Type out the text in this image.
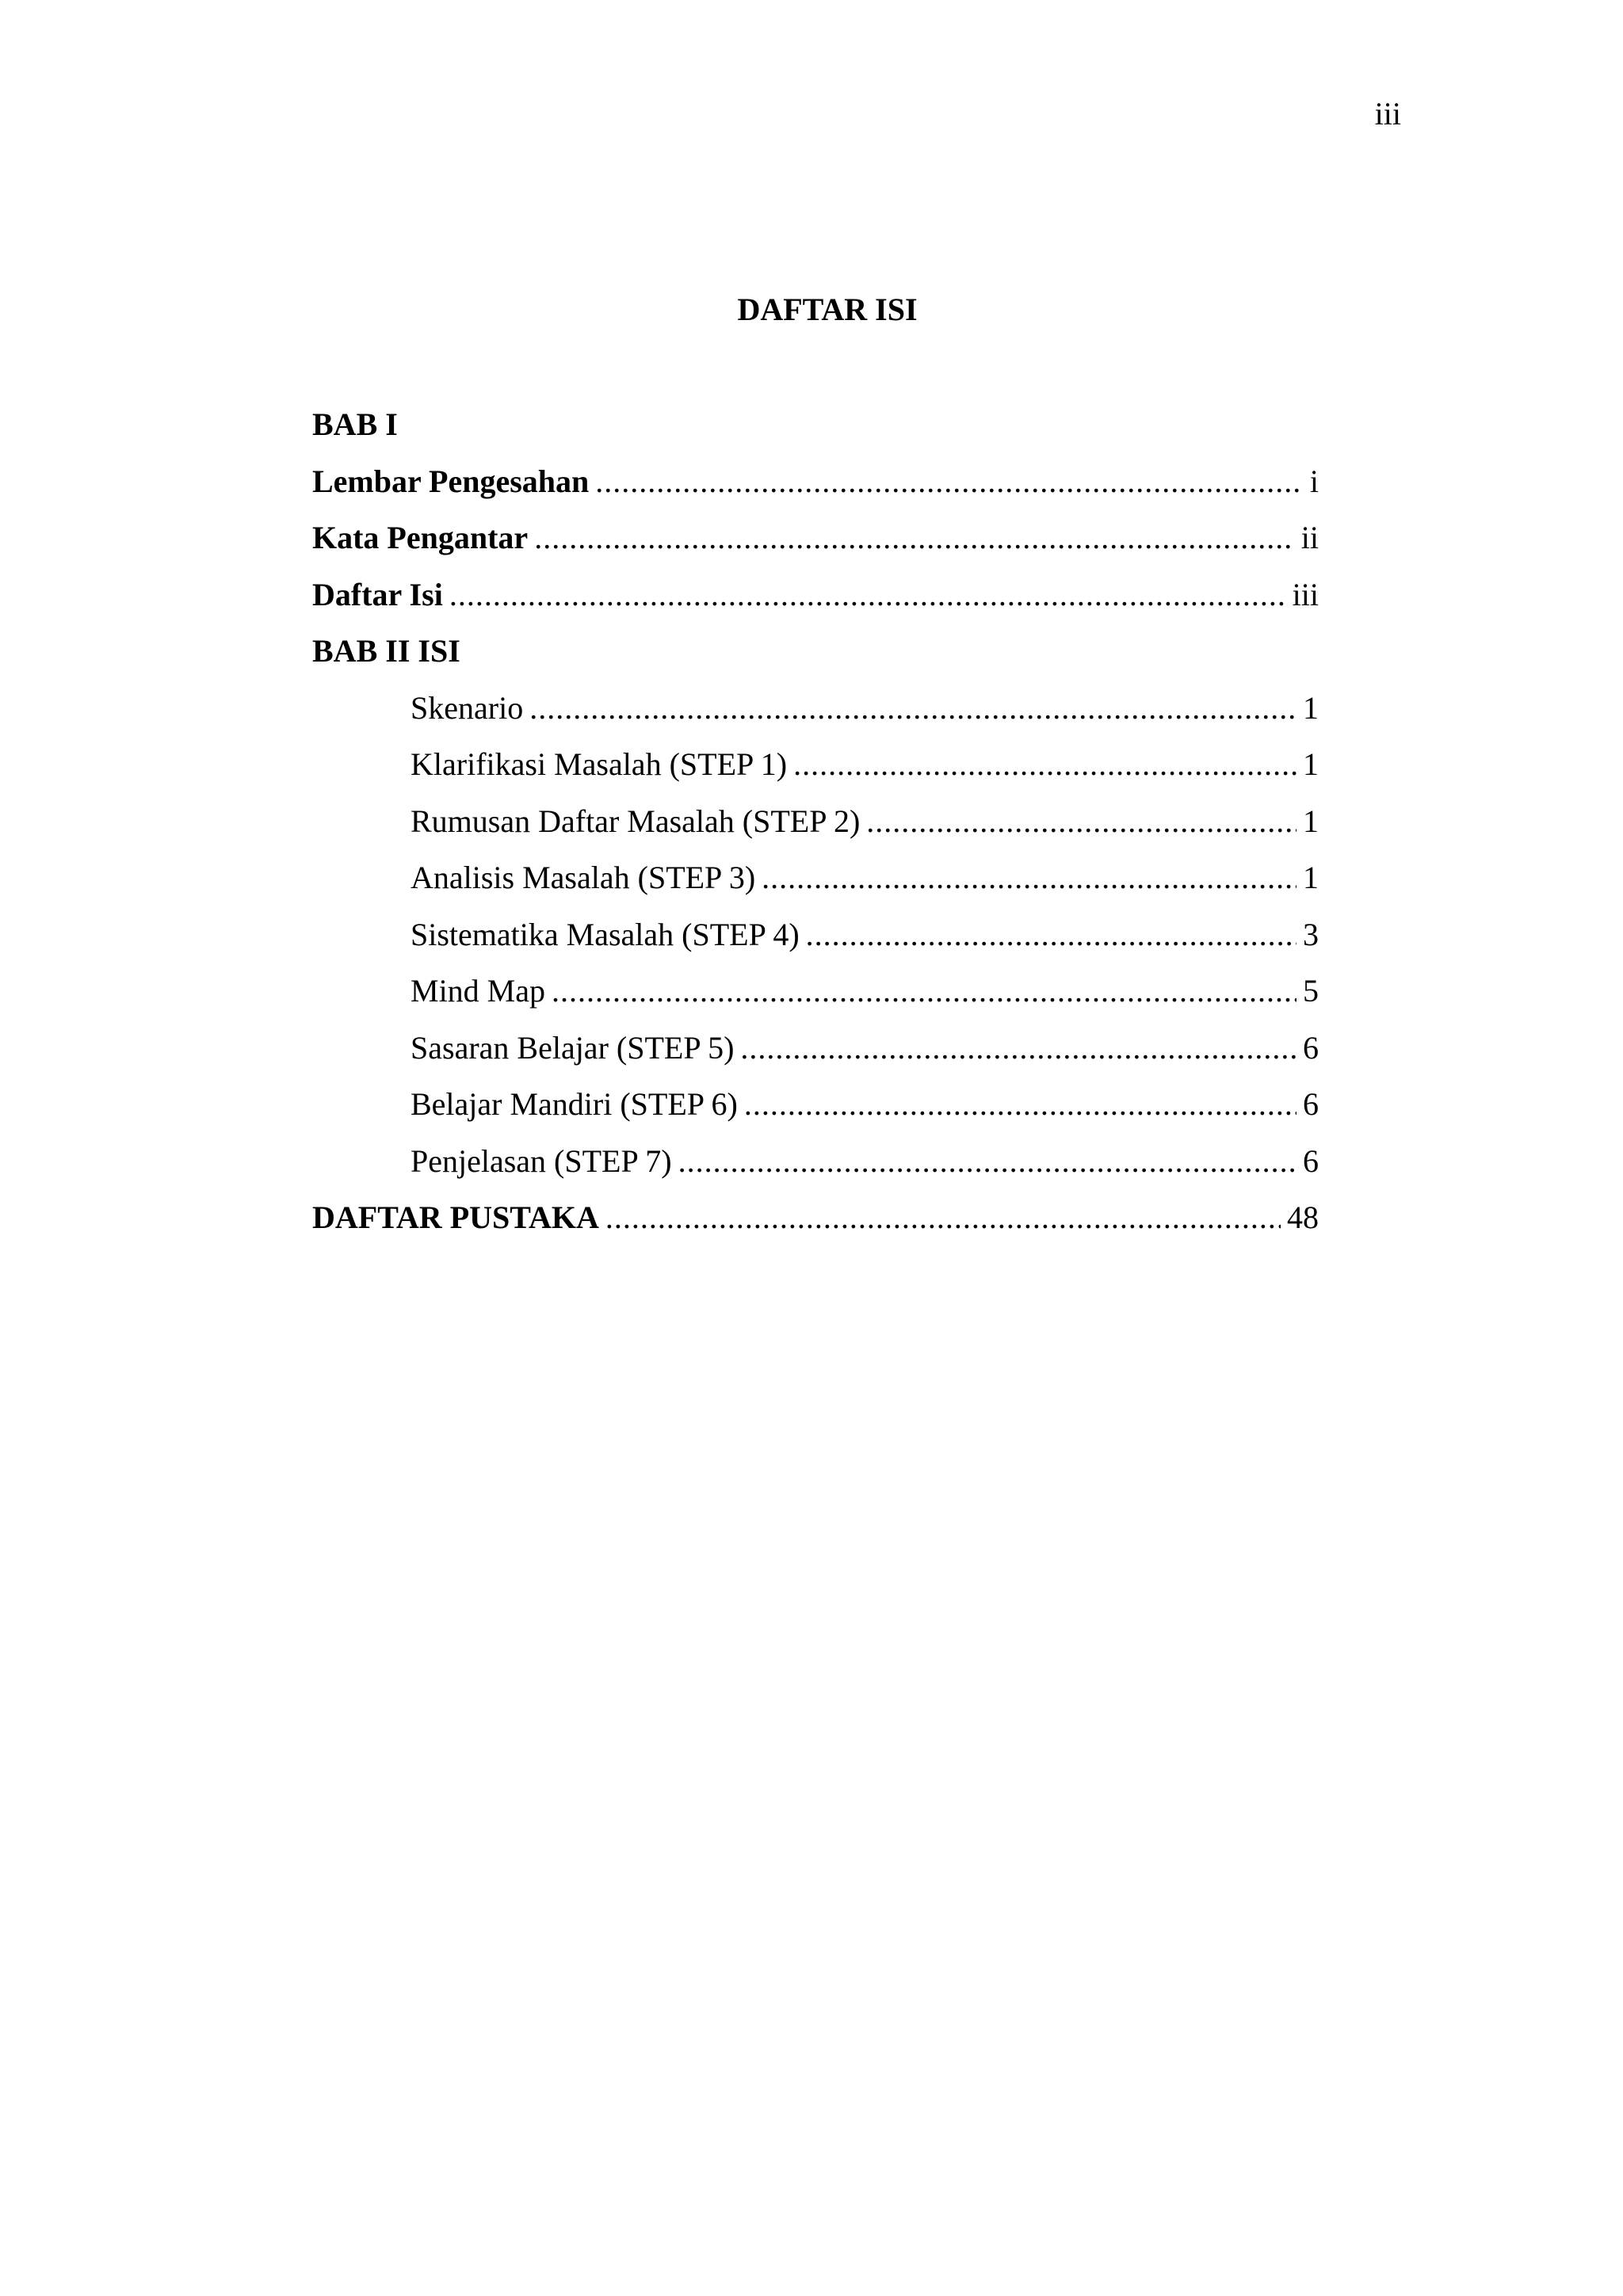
iii
DAFTAR ISI
BAB I
Lembar Pengesahan .....	i
Kata Pengantar .....	ii
Daftar Isi .....	iii
BAB II ISI
Skenario .....	1
Klarifikasi Masalah (STEP 1) .....	1
Rumusan Daftar Masalah (STEP 2) .....	1
Analisis Masalah (STEP 3) .....	1
Sistematika Masalah (STEP 4) .....	3
Mind Map .....	5
Sasaran Belajar (STEP 5) .....	6
Belajar Mandiri (STEP 6) .....	6
Penjelasan (STEP 7) .....	6
DAFTAR PUSTAKA .....	48
